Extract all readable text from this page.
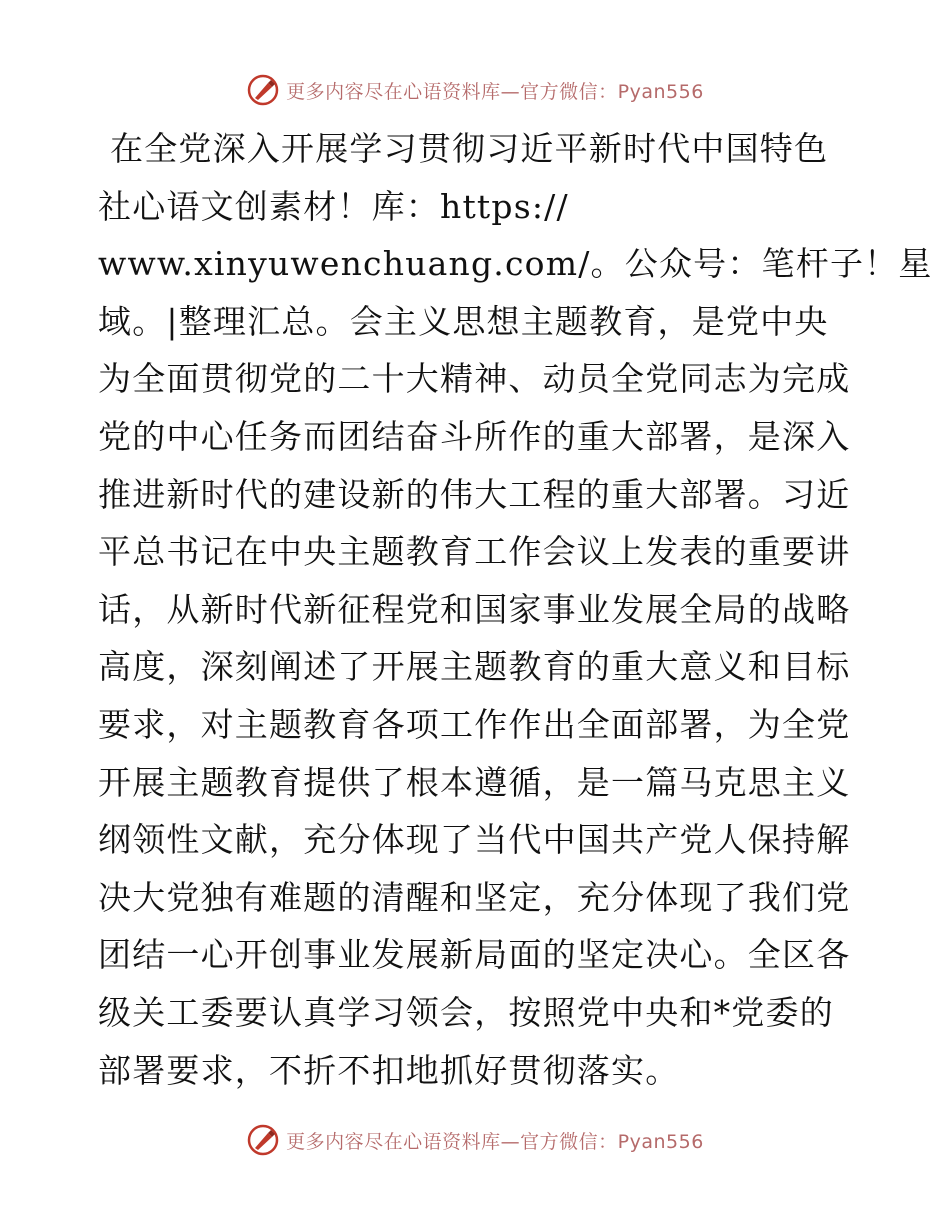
更多内容尽在心语资料库—官方微信：Pyan556
在全党深入开展学习贯彻习近平新时代中国特色
社心语文创素材！库：https://
www.xinyuwenchuang.com/。公众号：笔杆子！星
域。|整理汇总。会主义思想主题教育，是党中央
为全面贯彻党的二十大精神、动员全党同志为完成
党的中心任务而团结奋斗所作的重大部署，是深入
推进新时代的建设新的伟大工程的重大部署。习近
平总书记在中央主题教育工作会议上发表的重要讲
话，从新时代新征程党和国家事业发展全局的战略
高度，深刻阐述了开展主题教育的重大意义和目标
要求，对主题教育各项工作作出全面部署，为全党
开展主题教育提供了根本遵循，是一篇马克思主义
纲领性文献，充分体现了当代中国共产党人保持解
决大党独有难题的清醒和坚定，充分体现了我们党
团结一心开创事业发展新局面的坚定决心。全区各
级关工委要认真学习领会，按照党中央和*党委的
部署要求，不折不扣地抓好贯彻落实。
更多内容尽在心语资料库—官方微信：Pyan556
